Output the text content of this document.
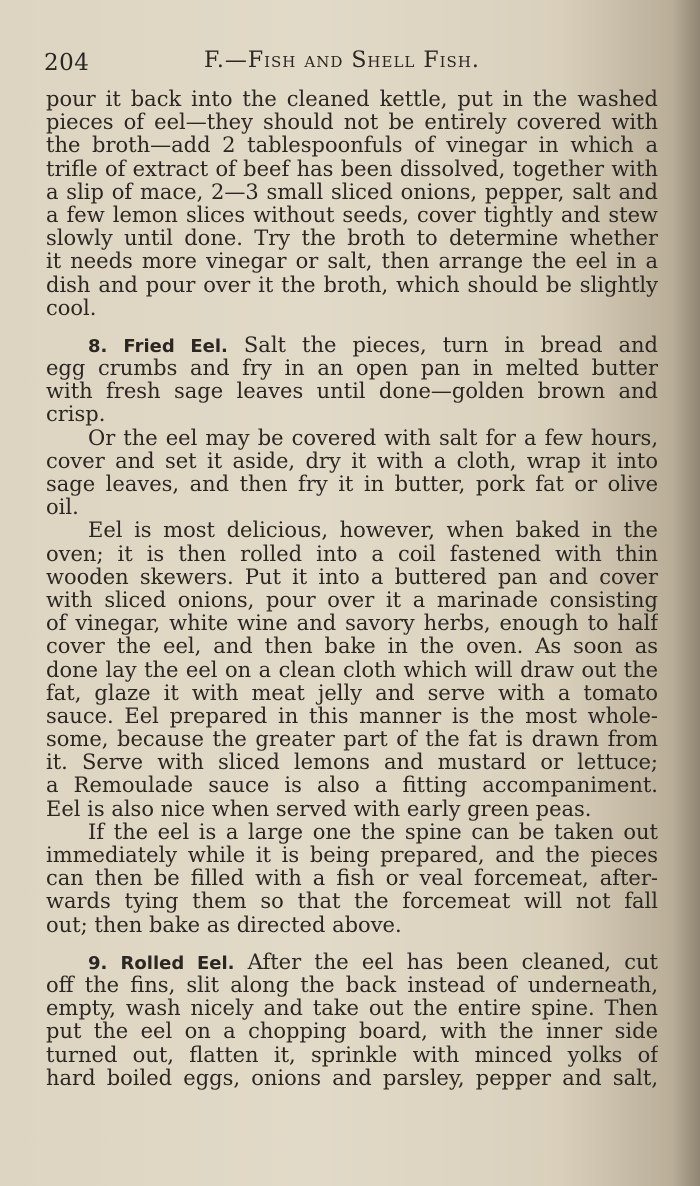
204	F.—Fish and Shell Fish.
pour it back into the cleaned kettle, put in the washed
pieces of eel—they should not be entirely covered with
the broth—add 2 tablespoonfuls of vinegar in which a
trifle of extract of beef has been dissolved, together with
a slip of mace, 2—3 small sliced onions, pepper, salt and
a few lemon slices without seeds, cover tightly and stew
slowly until done. Try the broth to determine whether
it needs more vinegar or salt, then arrange the eel in a
dish and pour over it the broth, which should be slightly
cool.
8. Fried Eel. Salt the pieces, turn in bread and
egg crumbs and fry in an open pan in melted butter
with fresh sage leaves until done—golden brown and
crisp.
Or the eel may be covered with salt for a few hours,
cover and set it aside, dry it with a cloth, wrap it into
sage leaves, and then fry it in butter, pork fat or olive
oil.
Eel is most delicious, however, when baked in the
oven; it is then rolled into a coil fastened with thin
wooden skewers. Put it into a buttered pan and cover
with sliced onions, pour over it a marinade consisting
of vinegar, white wine and savory herbs, enough to half
cover the eel, and then bake in the oven. As soon as
done lay the eel on a clean cloth which will draw out the
fat, glaze it with meat jelly and serve with a tomato
sauce. Eel prepared in this manner is the most whole-
some, because the greater part of the fat is drawn from
it. Serve with sliced lemons and mustard or lettuce;
a Remoulade sauce is also a fitting accompaniment.
Eel is also nice when served with early green peas.
If the eel is a large one the spine can be taken out
immediately while it is being prepared, and the pieces
can then be filled with a fish or veal forcemeat, after-
wards tying them so that the forcemeat will not fall
out; then bake as directed above.
9. Rolled Eel. After the eel has been cleaned, cut
off the fins, slit along the back instead of underneath,
empty, wash nicely and take out the entire spine. Then
put the eel on a chopping board, with the inner side
turned out, flatten it, sprinkle with minced yolks of
hard boiled eggs, onions and parsley, pepper and salt,
